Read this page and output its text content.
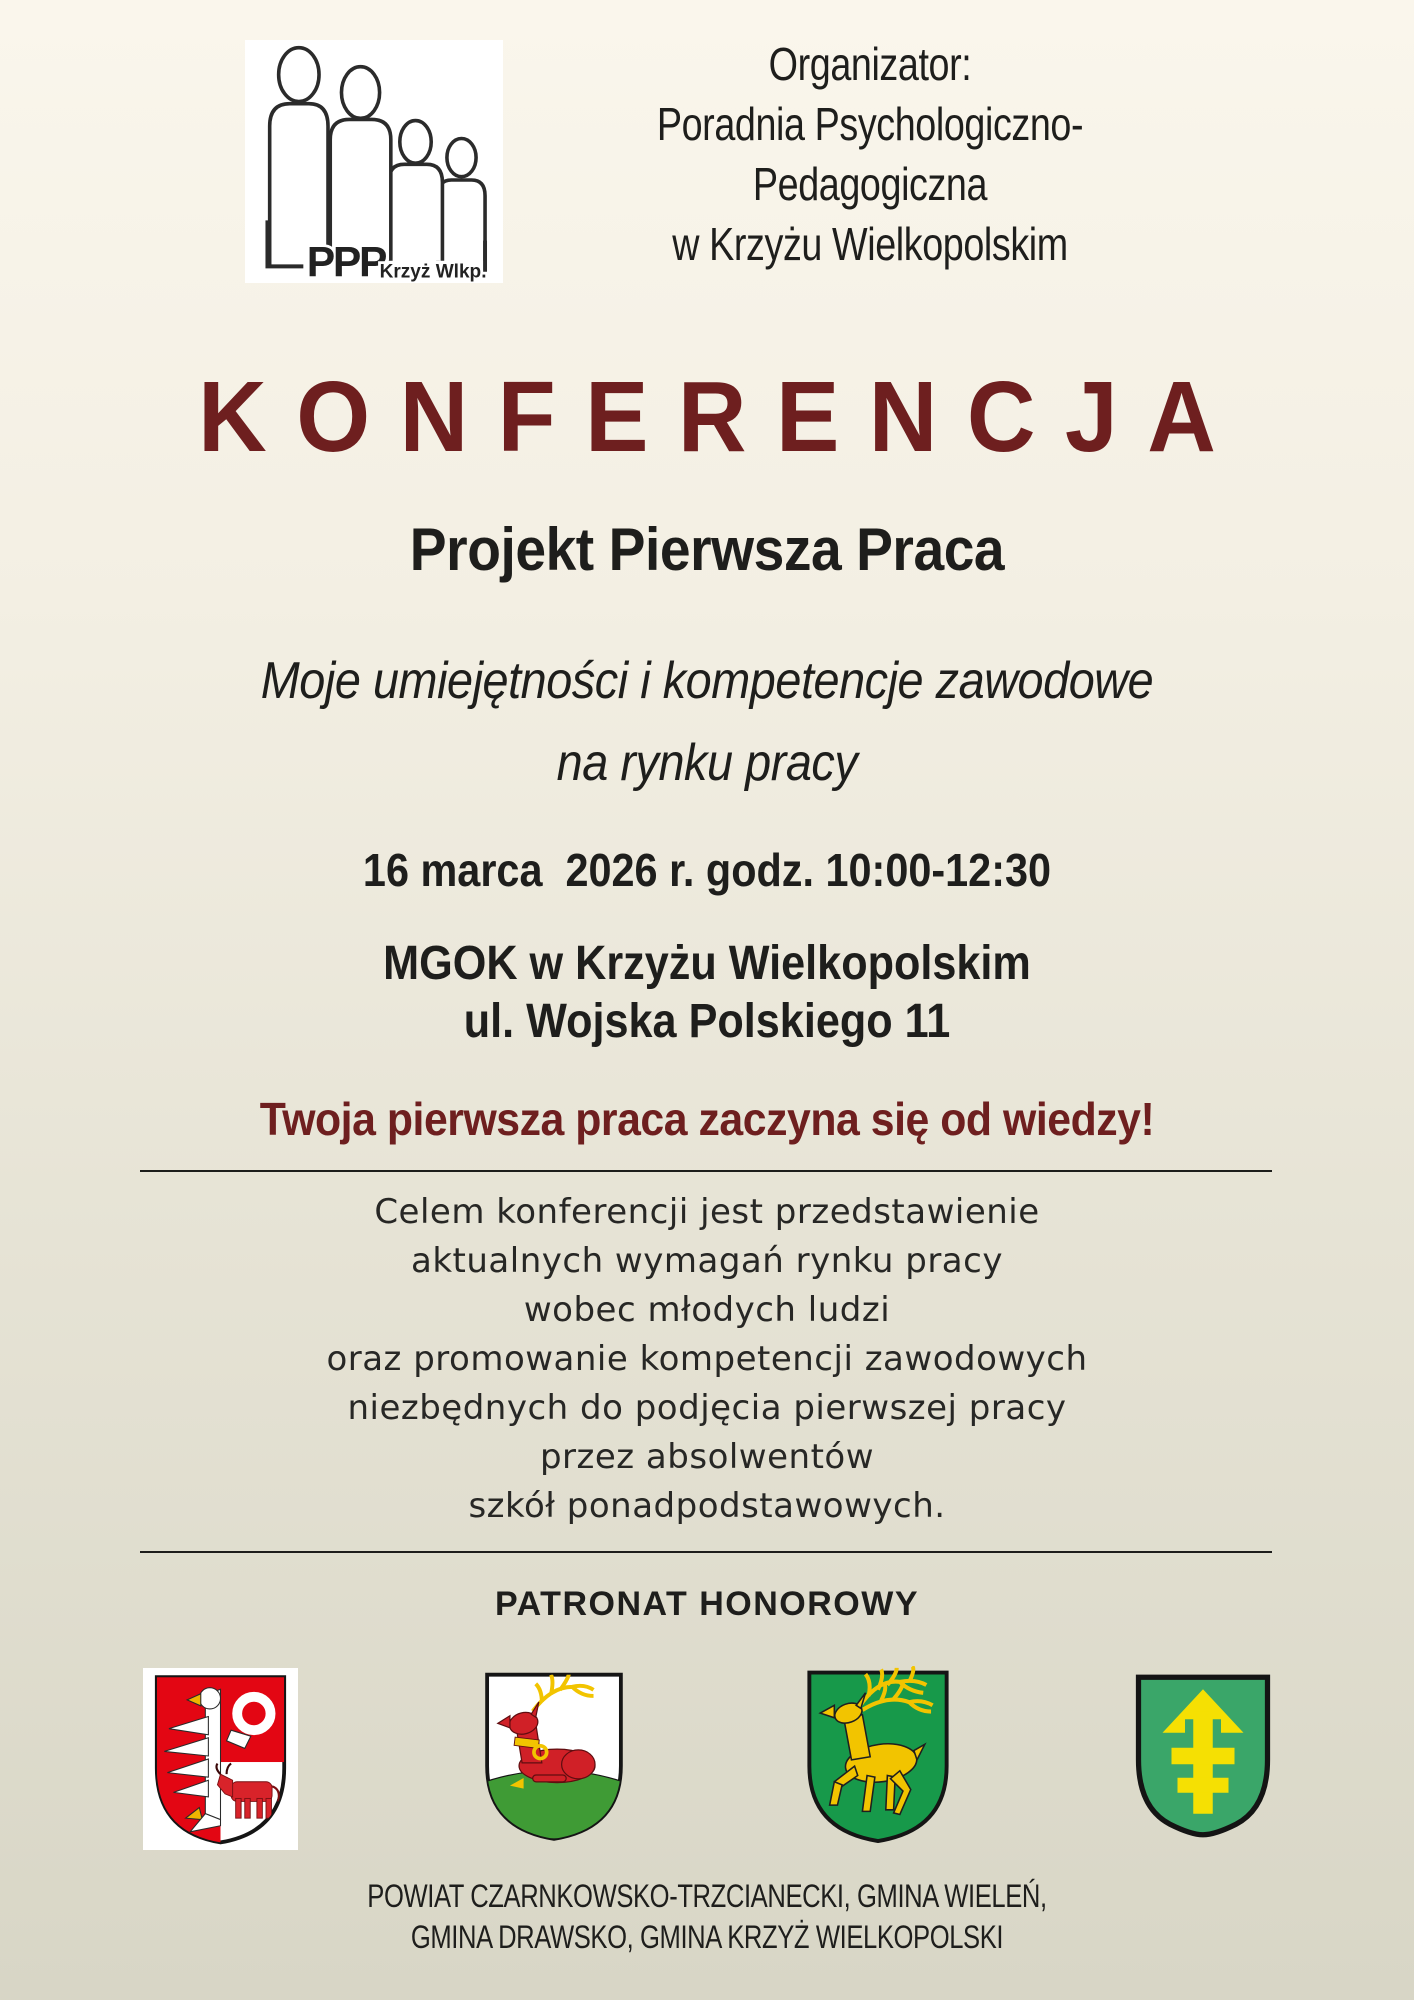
PPP
Krzyż Wlkp.
Organizator:
Poradnia Psychologiczno-
Pedagogiczna
w Krzyżu Wielkopolskim
KONFERENCJA
Projekt Pierwsza Praca
Moje umiejętności i kompetencje zawodowe
na rynku pracy
16 marca  2026 r. godz. 10:00-12:30
MGOK w Krzyżu Wielkopolskim
ul. Wojska Polskiego 11
Twoja pierwsza praca zaczyna się od wiedzy!
Celem konferencji jest przedstawienie
aktualnych wymagań rynku pracy
wobec młodych ludzi
oraz promowanie kompetencji zawodowych
niezbędnych do podjęcia pierwszej pracy
przez absolwentów
szkół ponadpodstawowych.
PATRONAT HONOROWY
POWIAT CZARNKOWSKO-TRZCIANECKI, GMINA WIELEŃ,
GMINA DRAWSKO, GMINA KRZYŻ WIELKOPOLSKI
